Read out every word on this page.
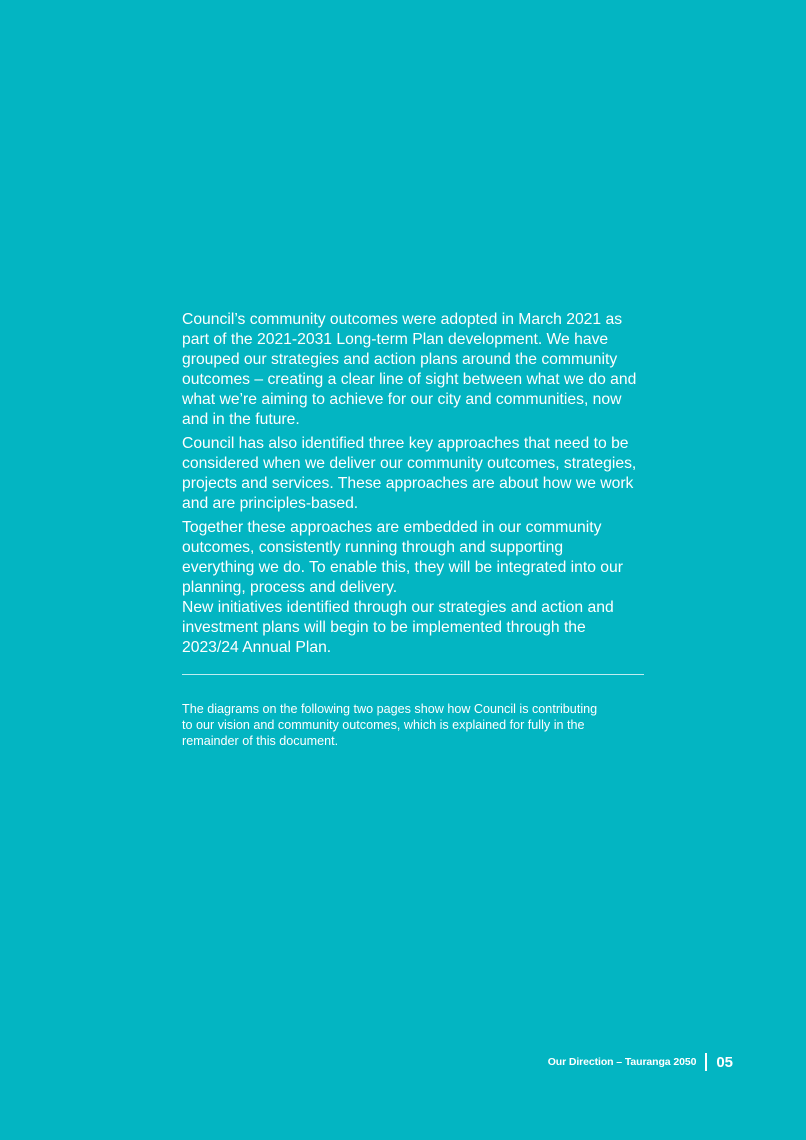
Council’s community outcomes were adopted in March 2021 as
part of the 2021-2031 Long-term Plan development. We have
grouped our strategies and action plans around the community
outcomes – creating a clear line of sight between what we do and
what we’re aiming to achieve for our city and communities, now
and in the future.

Council has also identified three key approaches that need to be
considered when we deliver our community outcomes, strategies,
projects and services. These approaches are about how we work
and are principles-based.

Together these approaches are embedded in our community
outcomes, consistently running through and supporting
everything we do. To enable this, they will be integrated into our
planning, process and delivery.

New initiatives identified through our strategies and action and
investment plans will begin to be implemented through the
2023/24 Annual Plan.

The diagrams on the following two pages show how Council is contributing
to our vision and community outcomes, which is explained for fully in the
remainder of this document.

Our Direction – Tauranga 2050 05
